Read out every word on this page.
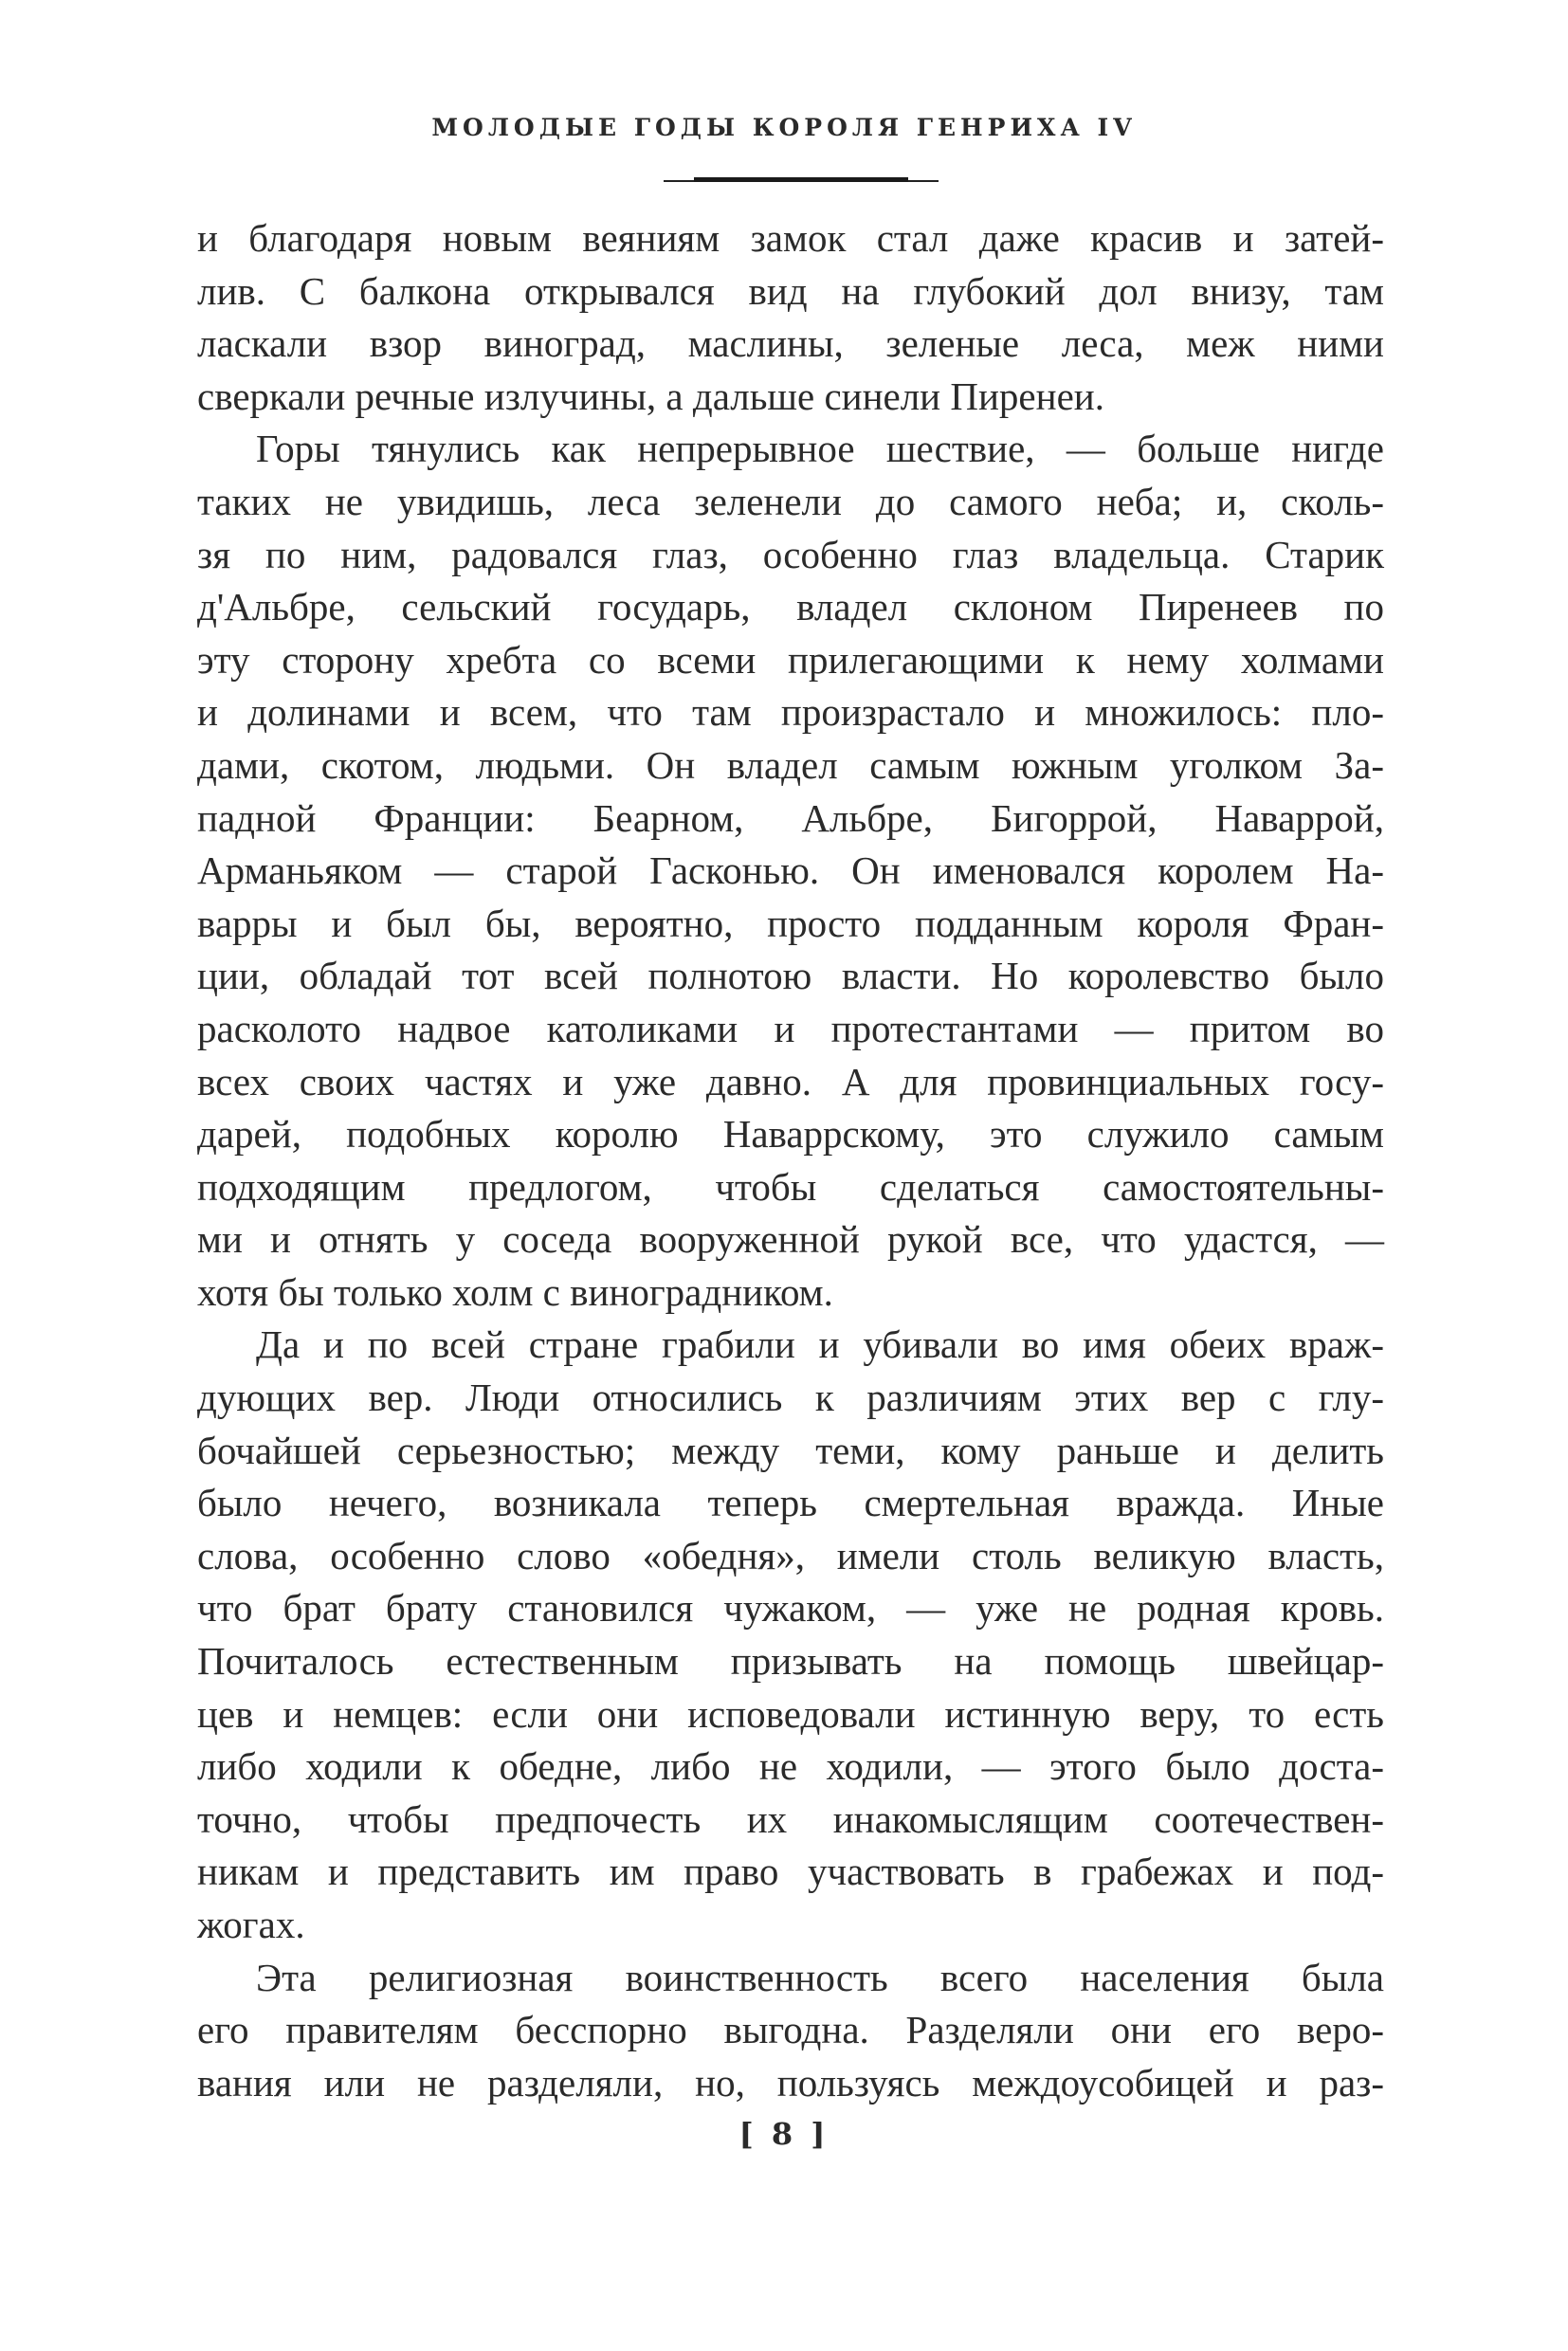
МОЛОДЫЕ ГОДЫ КОРОЛЯ ГЕНРИХА IV

и благодаря новым веяниям замок стал даже красив и затей-
лив. С балкона открывался вид на глубокий дол внизу, там
ласкали взор виноград, маслины, зеленые леса, меж ними
сверкали речные излучины, а дальше синели Пиренеи.

Горы тянулись как непрерывное шествие, — больше нигде
таких не увидишь, леса зеленели до самого неба; и, сколь-
зя по ним, радовался глаз, особенно глаз владельца. Старик
д'Альбре, сельский государь, владел склоном Пиренеев по
эту сторону хребта со всеми прилегающими к нему холмами
и долинами и всем, что там произрастало и множилось: пло-
дами, скотом, людьми. Он владел самым южным уголком За-
падной Франции: Беарном, Альбре, Бигоррой, Наваррой,
Арманьяком — старой Гасконью. Он именовался королем На-
варры и был бы, вероятно, просто подданным короля Фран-
ции, обладай тот всей полнотою власти. Но королевство было
расколото надвое католиками и протестантами — притом во
всех своих частях и уже давно. А для провинциальных госу-
дарей, подобных королю Наваррскому, это служило самым
подходящим предлогом, чтобы сделаться самостоятельны-
ми и отнять у соседа вооруженной рукой все, что удастся, —
хотя бы только холм с виноградником.

Да и по всей стране грабили и убивали во имя обеих враж-
дующих вер. Люди относились к различиям этих вер с глу-
бочайшей серьезностью; между теми, кому раньше и делить
было нечего, возникала теперь смертельная вражда. Иные
слова, особенно слово «обедня», имели столь великую власть,
что брат брату становился чужаком, — уже не родная кровь.
Почиталось естественным призывать на помощь швейцар-
цев и немцев: если они исповедовали истинную веру, то есть
либо ходили к обедне, либо не ходили, — этого было доста-
точно, чтобы предпочесть их инакомыслящим соотечествен-
никам и представить им право участвовать в грабежах и под-
жогах.

Эта религиозная воинственность всего населения была
его правителям бесспорно выгодна. Разделяли они его веро-
вания или не разделяли, но, пользуясь междоусобицей и раз-

[ 8 ]
